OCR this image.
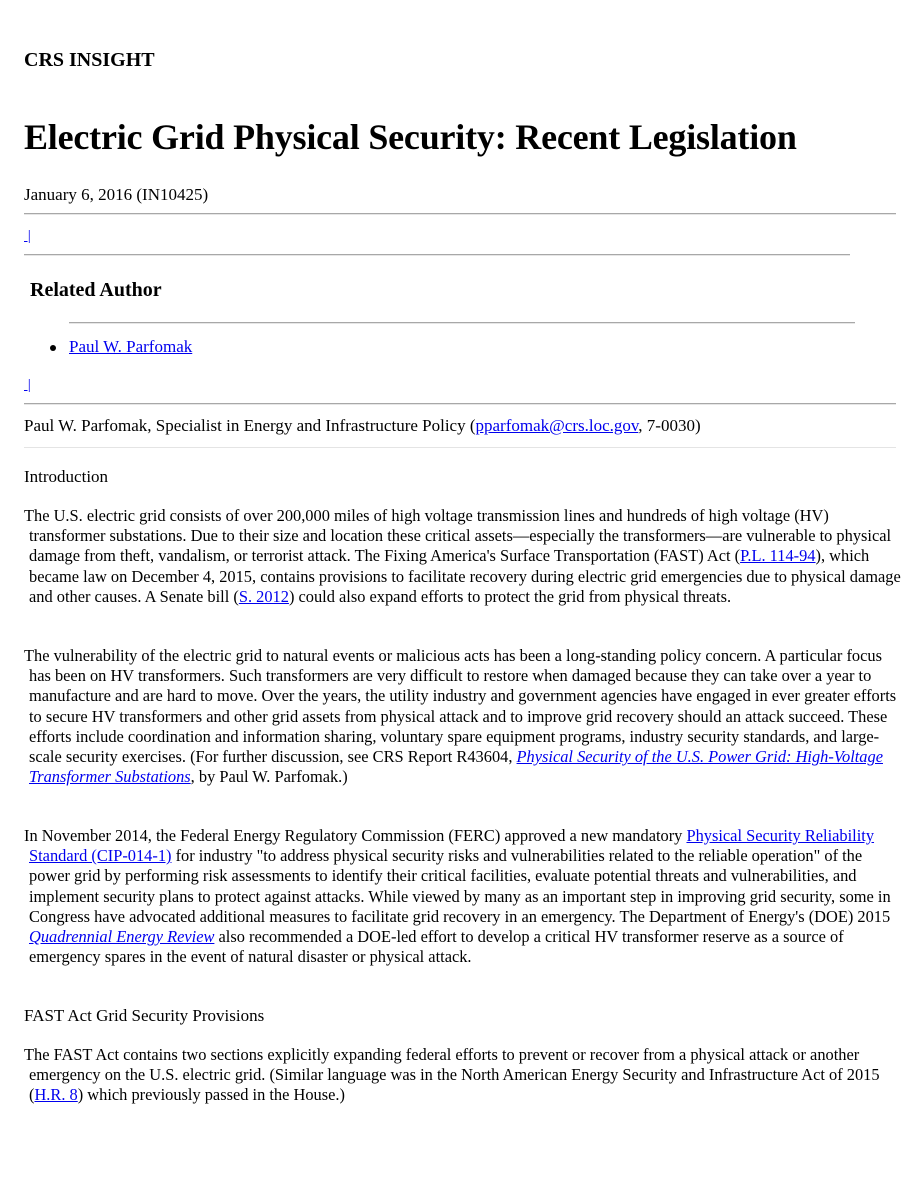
CRS INSIGHT
Electric Grid Physical Security: Recent Legislation
January 6, 2016 (IN10425)
|
Related Author
Paul W. Parfomak
|
Paul W. Parfomak, Specialist in Energy and Infrastructure Policy (pparfomak@crs.loc.gov, 7-0030)
Introduction

The U.S. electric grid consists of over 200,000 miles of high voltage transmission lines and hundreds of high voltage (HV) transformer substations. Due to their size and location these critical assets—especially the transformers—are vulnerable to physical damage from theft, vandalism, or terrorist attack. The Fixing America's Surface Transportation (FAST) Act (P.L. 114-94), which became law on December 4, 2015, contains provisions to facilitate recovery during electric grid emergencies due to physical damage and other causes. A Senate bill (S. 2012) could also expand efforts to protect the grid from physical threats.

The vulnerability of the electric grid to natural events or malicious acts has been a long-standing policy concern. A particular focus has been on HV transformers. Such transformers are very difficult to restore when damaged because they can take over a year to manufacture and are hard to move. Over the years, the utility industry and government agencies have engaged in ever greater efforts to secure HV transformers and other grid assets from physical attack and to improve grid recovery should an attack succeed. These efforts include coordination and information sharing, voluntary spare equipment programs, industry security standards, and large-scale security exercises. (For further discussion, see CRS Report R43604, Physical Security of the U.S. Power Grid: High-Voltage Transformer Substations, by Paul W. Parfomak.)

In November 2014, the Federal Energy Regulatory Commission (FERC) approved a new mandatory Physical Security Reliability Standard (CIP-014-1) for industry "to address physical security risks and vulnerabilities related to the reliable operation" of the power grid by performing risk assessments to identify their critical facilities, evaluate potential threats and vulnerabilities, and implement security plans to protect against attacks. While viewed by many as an important step in improving grid security, some in Congress have advocated additional measures to facilitate grid recovery in an emergency. The Department of Energy's (DOE) 2015 Quadrennial Energy Review also recommended a DOE-led effort to develop a critical HV transformer reserve as a source of emergency spares in the event of natural disaster or physical attack.

FAST Act Grid Security Provisions

The FAST Act contains two sections explicitly expanding federal efforts to prevent or recover from a physical attack or another emergency on the U.S. electric grid. (Similar language was in the North American Energy Security and Infrastructure Act of 2015 (H.R. 8) which previously passed in the House.)
